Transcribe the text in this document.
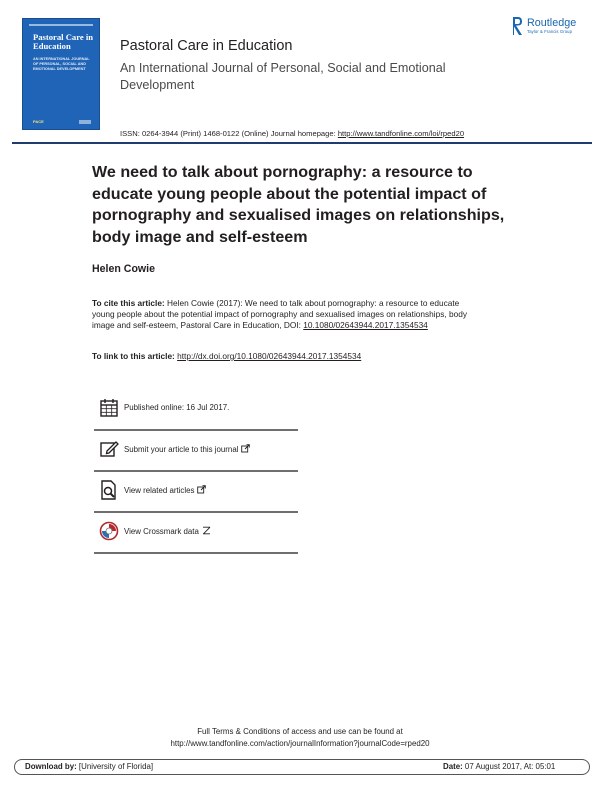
Pastoral Care in Education
AN INTERNATIONAL JOURNAL OF PERSONAL, SOCIAL AND EMOTIONAL DEVELOPMENT
PACE
Pastoral Care in Education
An International Journal of Personal, Social and Emotional Development
Routledge
Taylor & Francis Group
ISSN: 0264-3944 (Print) 1468-0122 (Online) Journal homepage: http://www.tandfonline.com/loi/rped20
We need to talk about pornography: a resource to educate young people about the potential impact of pornography and sexualised images on relationships, body image and self-esteem
Helen Cowie
To cite this article: Helen Cowie (2017): We need to talk about pornography: a resource to educate young people about the potential impact of pornography and sexualised images on relationships, body image and self-esteem, Pastoral Care in Education, DOI: 10.1080/02643944.2017.1354534
To link to this article: http://dx.doi.org/10.1080/02643944.2017.1354534
Published online: 16 Jul 2017.
Submit your article to this journal
View related articles
View Crossmark data
Full Terms & Conditions of access and use can be found at
http://www.tandfonline.com/action/journalInformation?journalCode=rped20
Download by: [University of Florida]	Date: 07 August 2017, At: 05:01
